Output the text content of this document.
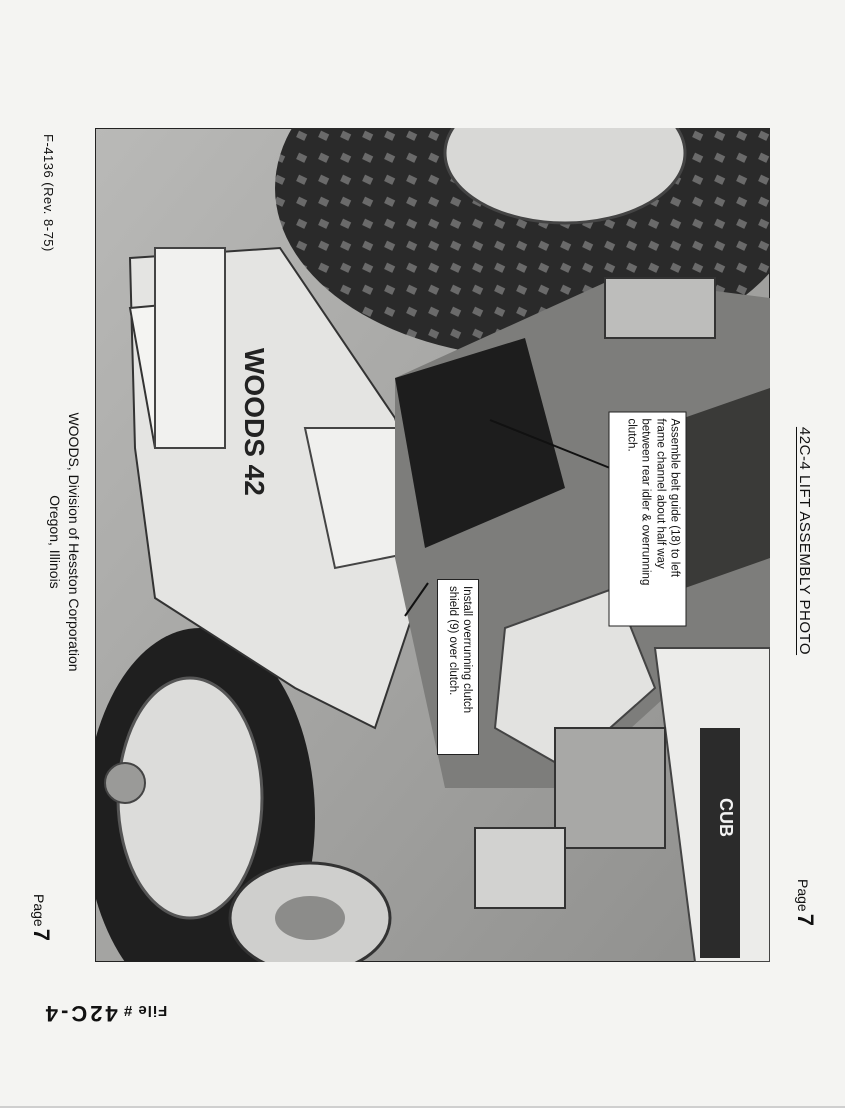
42C-4 LIFT ASSEMBLY PHOTO
F-4136 (Rev. 8-75)
Page7
Page7
WOODS, Division of Hesston Corporation
Oregon, Illinois
File # 42C-4
WOODS 42
CUB
Assemble belt guide (18) to left
frame channel about half way
between rear idler & overrunning
clutch.
Install overrunning clutch
shield (9) over clutch.
